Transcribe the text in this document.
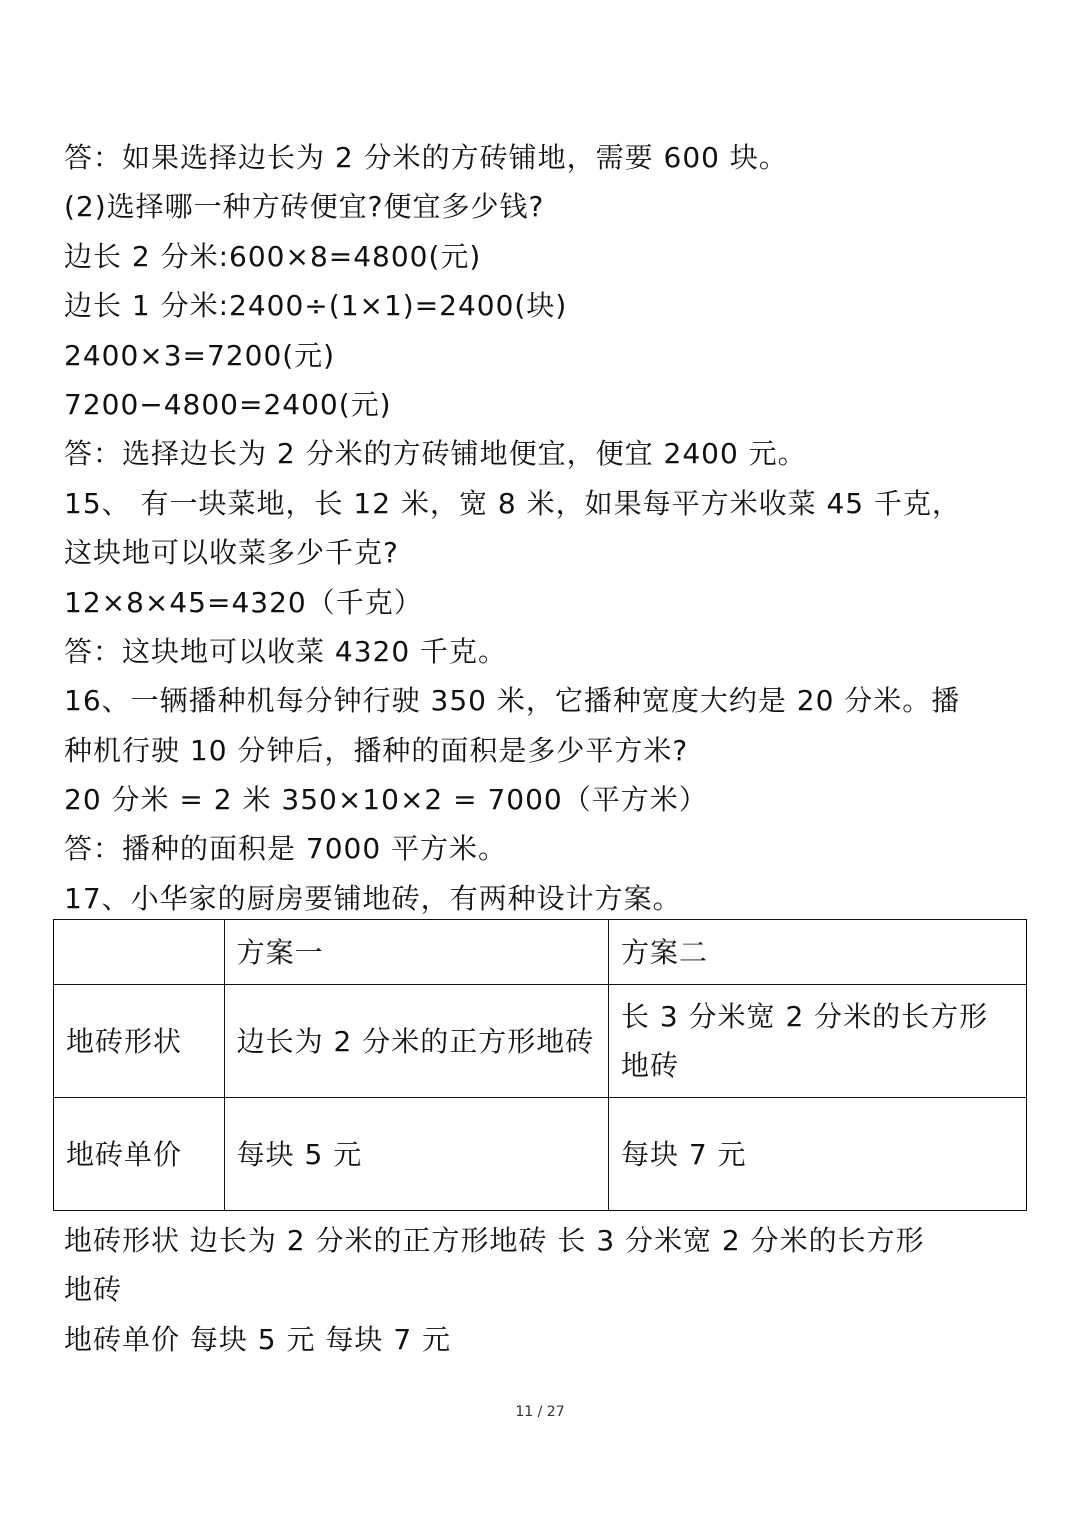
答：如果选择边长为 2 分米的方砖铺地，需要 600 块。
(2)选择哪一种方砖便宜?便宜多少钱?
边长 2 分米:600×8=4800(元)
边长 1 分米:2400÷(1×1)=2400(块)
2400×3=7200(元)
7200−4800=2400(元)
答：选择边长为 2 分米的方砖铺地便宜，便宜 2400 元。
15、 有一块菜地，长 12 米，宽 8 米，如果每平方米收菜 45 千克，
这块地可以收菜多少千克?
12×8×45=4320（千克）
答：这块地可以收菜 4320 千克。
16、一辆播种机每分钟行驶 350 米，它播种宽度大约是 20 分米。播
种机行驶 10 分钟后，播种的面积是多少平方米?
20 分米 = 2 米 350×10×2 = 7000（平方米）
答：播种的面积是 7000 平方米。
17、小华家的厨房要铺地砖，有两种设计方案。
	方案一	方案二

地砖形状	边长为 2 分米的正方形地砖	长 3 分米宽 2 分米的长方形地砖

地砖单价	每块 5 元	每块 7 元
地砖形状 边长为 2 分米的正方形地砖 长 3 分米宽 2 分米的长方形
地砖
地砖单价 每块 5 元 每块 7 元
11 / 27
